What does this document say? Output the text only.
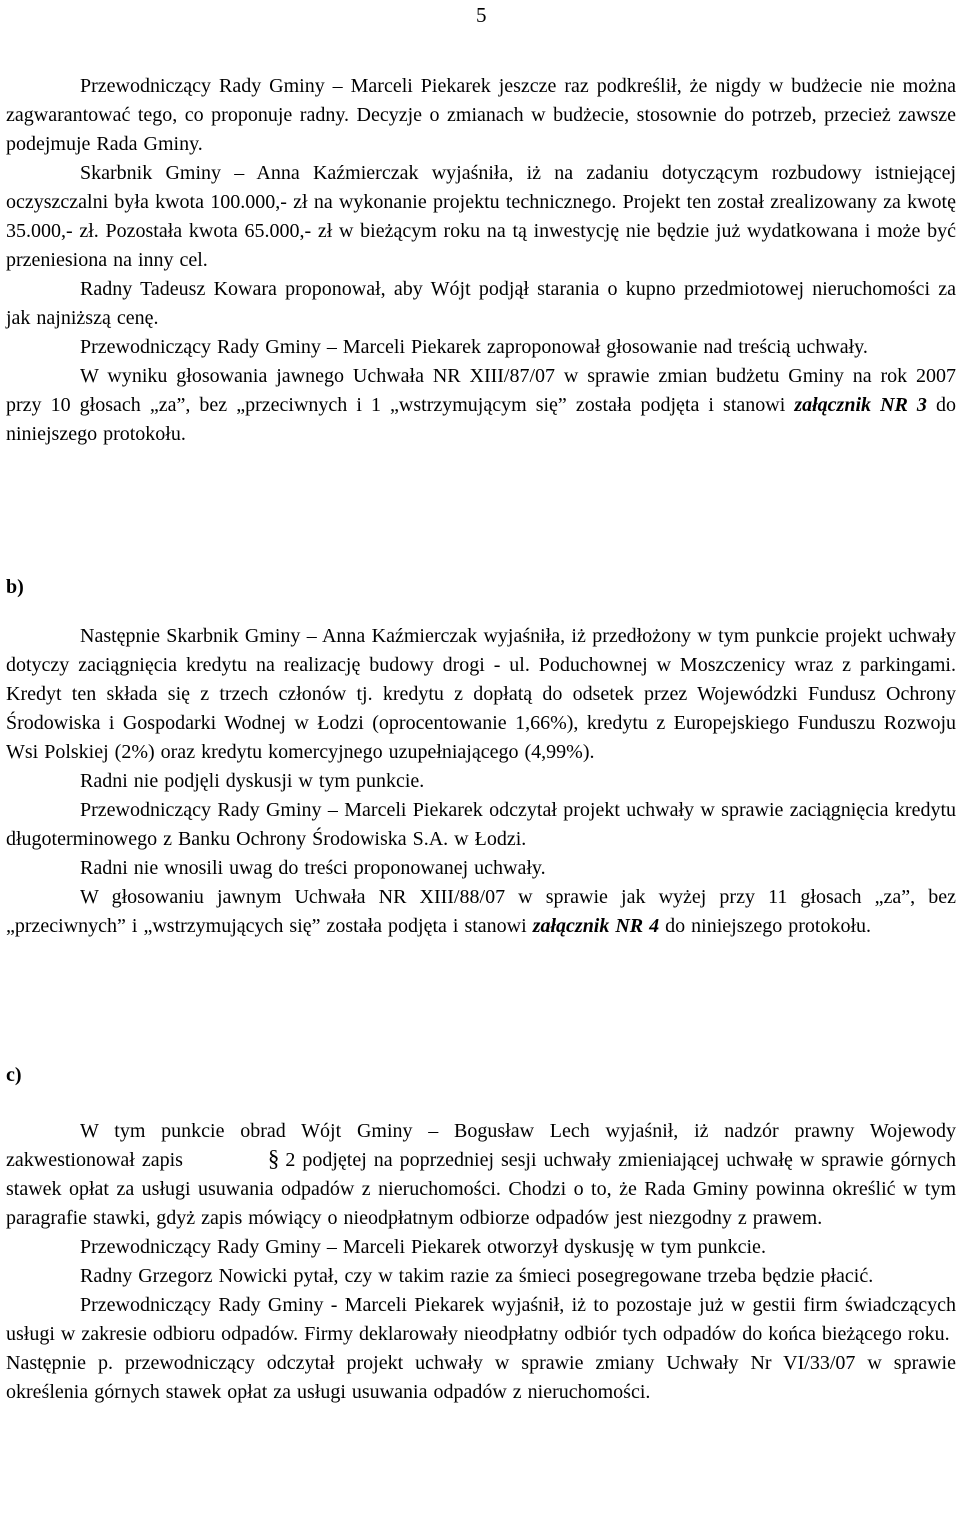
5

Przewodniczący Rady Gminy – Marceli Piekarek jeszcze raz podkreślił, że nigdy w budżecie nie można zagwarantować tego, co proponuje radny. Decyzje o zmianach w budżecie, stosownie do potrzeb, przecież zawsze podejmuje Rada Gminy.

Skarbnik Gminy – Anna Kaźmierczak wyjaśniła, iż na zadaniu dotyczącym rozbudowy istniejącej oczyszczalni była kwota 100.000,- zł na wykonanie projektu technicznego. Projekt ten został zrealizowany za kwotę 35.000,- zł. Pozostała kwota 65.000,- zł w bieżącym roku na tą inwestycję nie będzie już wydatkowana i może być przeniesiona na inny cel.

Radny Tadeusz Kowara proponował, aby Wójt podjął starania o kupno przedmiotowej nieruchomości za jak najniższą cenę.

Przewodniczący Rady Gminy – Marceli Piekarek zaproponował głosowanie nad treścią uchwały.

W wyniku głosowania jawnego Uchwała NR XIII/87/07 w sprawie zmian budżetu Gminy na rok 2007 przy 10 głosach „za”, bez „przeciwnych i 1 „wstrzymującym się” została podjęta i stanowi załącznik NR 3 do niniejszego protokołu.

b)

Następnie Skarbnik Gminy – Anna Kaźmierczak wyjaśniła, iż przedłożony w tym punkcie projekt uchwały dotyczy zaciągnięcia kredytu na realizację budowy drogi - ul. Poduchownej w Moszczenicy wraz z parkingami. Kredyt ten składa się z trzech członów tj. kredytu z dopłatą do odsetek przez Wojewódzki Fundusz Ochrony Środowiska i Gospodarki Wodnej w Łodzi (oprocentowanie 1,66%), kredytu z Europejskiego Funduszu Rozwoju Wsi Polskiej (2%) oraz kredytu komercyjnego uzupełniającego (4,99%).

Radni nie podjęli dyskusji w tym punkcie.

Przewodniczący Rady Gminy – Marceli Piekarek odczytał projekt uchwały w sprawie zaciągnięcia kredytu długoterminowego z Banku Ochrony Środowiska S.A. w Łodzi.

Radni nie wnosili uwag do treści proponowanej uchwały.

W głosowaniu jawnym Uchwała NR XIII/88/07 w sprawie jak wyżej przy 11 głosach „za”, bez „przeciwnych” i „wstrzymujących się” została podjęta i stanowi załącznik NR 4 do niniejszego protokołu.

c)

W tym punkcie obrad Wójt Gminy – Bogusław Lech wyjaśnił, iż nadzór prawny Wojewody zakwestionował zapis	§ 2 podjętej na poprzedniej sesji uchwały zmieniającej uchwałę w sprawie górnych stawek opłat za usługi usuwania odpadów z nieruchomości. Chodzi o to, że Rada Gminy powinna określić w tym paragrafie stawki, gdyż zapis mówiący o nieodpłatnym odbiorze odpadów jest niezgodny z prawem.

Przewodniczący Rady Gminy – Marceli Piekarek otworzył dyskusję w tym punkcie.

Radny Grzegorz Nowicki pytał, czy w takim razie za śmieci posegregowane trzeba będzie płacić.

Przewodniczący Rady Gminy - Marceli Piekarek wyjaśnił, iż to pozostaje już w gestii firm świadczących usługi w zakresie odbioru odpadów. Firmy deklarowały nieodpłatny odbiór tych odpadów do końca bieżącego roku.

Następnie p. przewodniczący odczytał projekt uchwały w sprawie zmiany Uchwały Nr VI/33/07 w sprawie określenia górnych stawek opłat za usługi usuwania odpadów z nieruchomości.
